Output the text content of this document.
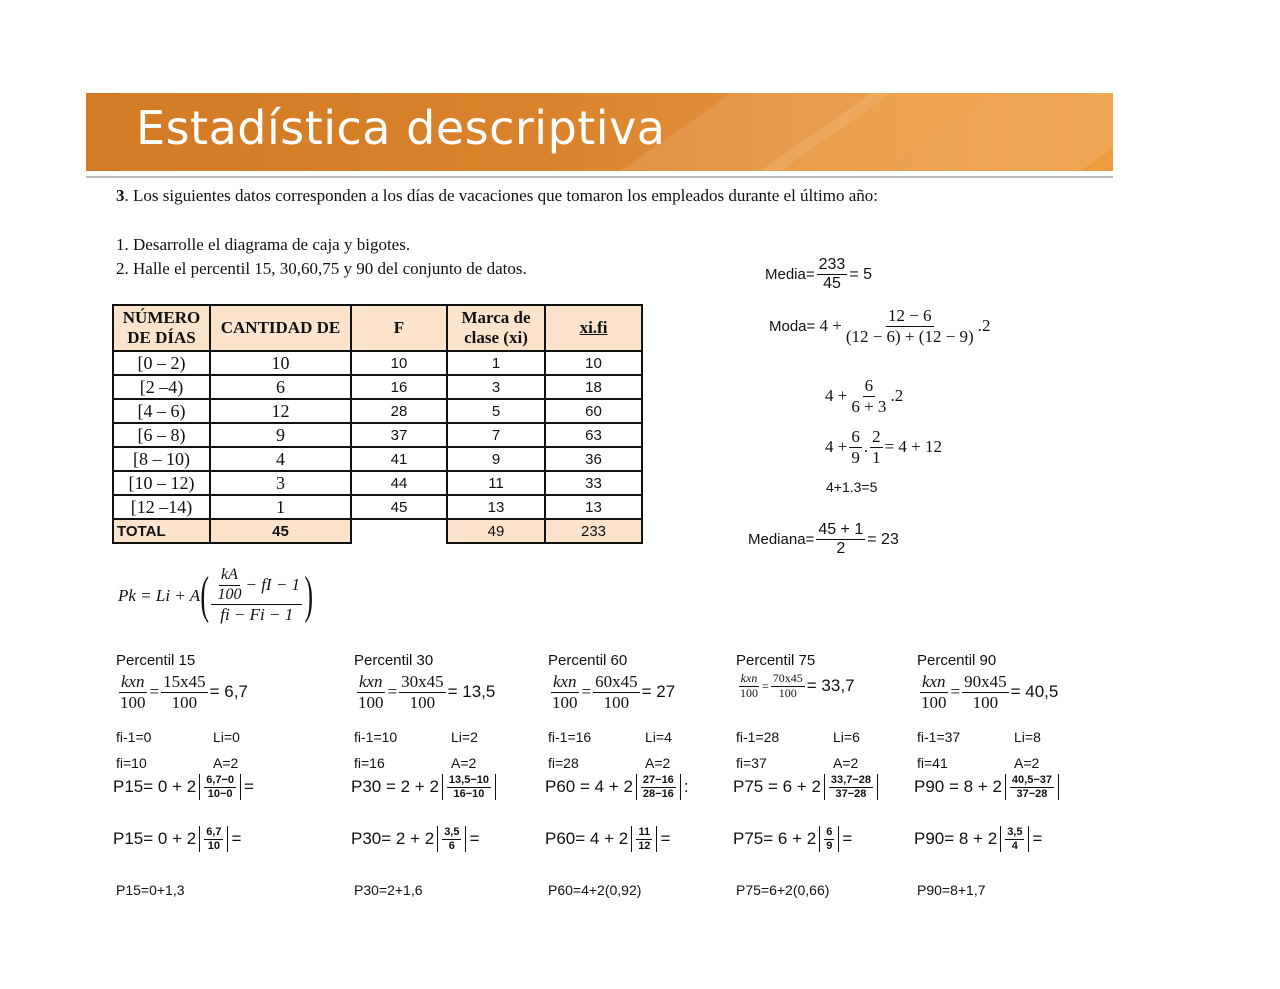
Estadística descriptiva
3. Los siguientes datos corresponden a los días de vacaciones que tomaron los empleados durante el último año:
1. Desarrolle el diagrama de caja y bigotes.
2. Halle el percentil 15, 30,60,75 y 90 del conjunto de datos.
NÚMERO DE DÍAS	CANTIDAD DE	F	Marca de clase (xi)	xi.fi
[0 – 2)	10	10	1	10
[2 –4)	6	16	3	18
[4 – 6)	12	28	5	60
[6 – 8)	9	37	7	63
[8 – 10)	4	41	9	36
[10 – 12)	3	44	11	33
[12 –14)	1	45	13	13
TOTAL	45		49	233
Pk = Li + A ( $\frac{\frac{kA}{100} - fI - 1}{fi - Fi - 1}$ )
Media= $\frac{233}{45} = 5$
Moda=
$4 + \frac{12 - 6}{(12 - 6) + (12 - 9)} .2$
$4 + \frac{6}{6 + 3} .2$
$4 + \frac{6}{9}$ . $\frac{2}{1} = 4 + 12$
4+1.3=5
Mediana= $\frac{45 + 1}{2} = 23$
Percentil 15
$\frac{\text{kxn}}{100} = \frac{15x45}{100} = 6,7$
fi-1=0	Li=0
fi=10	A=2
$P15= 0 + 2 \frac{6,7-0}{10-0}$ =
$P15= 0 + 2 \frac{6,7}{10}$ =
P15=0+1,3
Percentil 30
$\frac{\text{kxn}}{100} = \frac{30x45}{100} = 13,5$
fi-1=10	Li=2
fi=16	A=2
$P30 = 2 + 2 \frac{13,5-10}{16-10}$
$P30= 2 + 2 \frac{3,5}{6}$ =
P30=2+1,6
Percentil 60
$\frac{\text{kxn}}{100} = \frac{60x45}{100} = 27$
fi-1=16	Li=4
fi=28	A=2
$P60 = 4 + 2 \frac{27-16}{28-16}$ :
$P60= 4 + 2 \frac{11}{12}$ =
P60=4+2(0,92)
Percentil 75
$\frac{\text{kxn}}{100} = \frac{70x45}{100} = 33,7$
fi-1=28	Li=6
fi=37	A=2
$P75 = 6 + 2 \frac{33,7-28}{37-28}$
$P75= 6 + 2 \frac{6}{9}$ =
P75=6+2(0,66)
Percentil 90
$\frac{\text{kxn}}{100} = \frac{90x45}{100} = 40,5$
fi-1=37	Li=8
fi=41	A=2
$P90 = 8 + 2 \frac{40,5-37}{37-28}$
$P90= 8 + 2 \frac{3,5}{4}$ =
P90=8+1,7
